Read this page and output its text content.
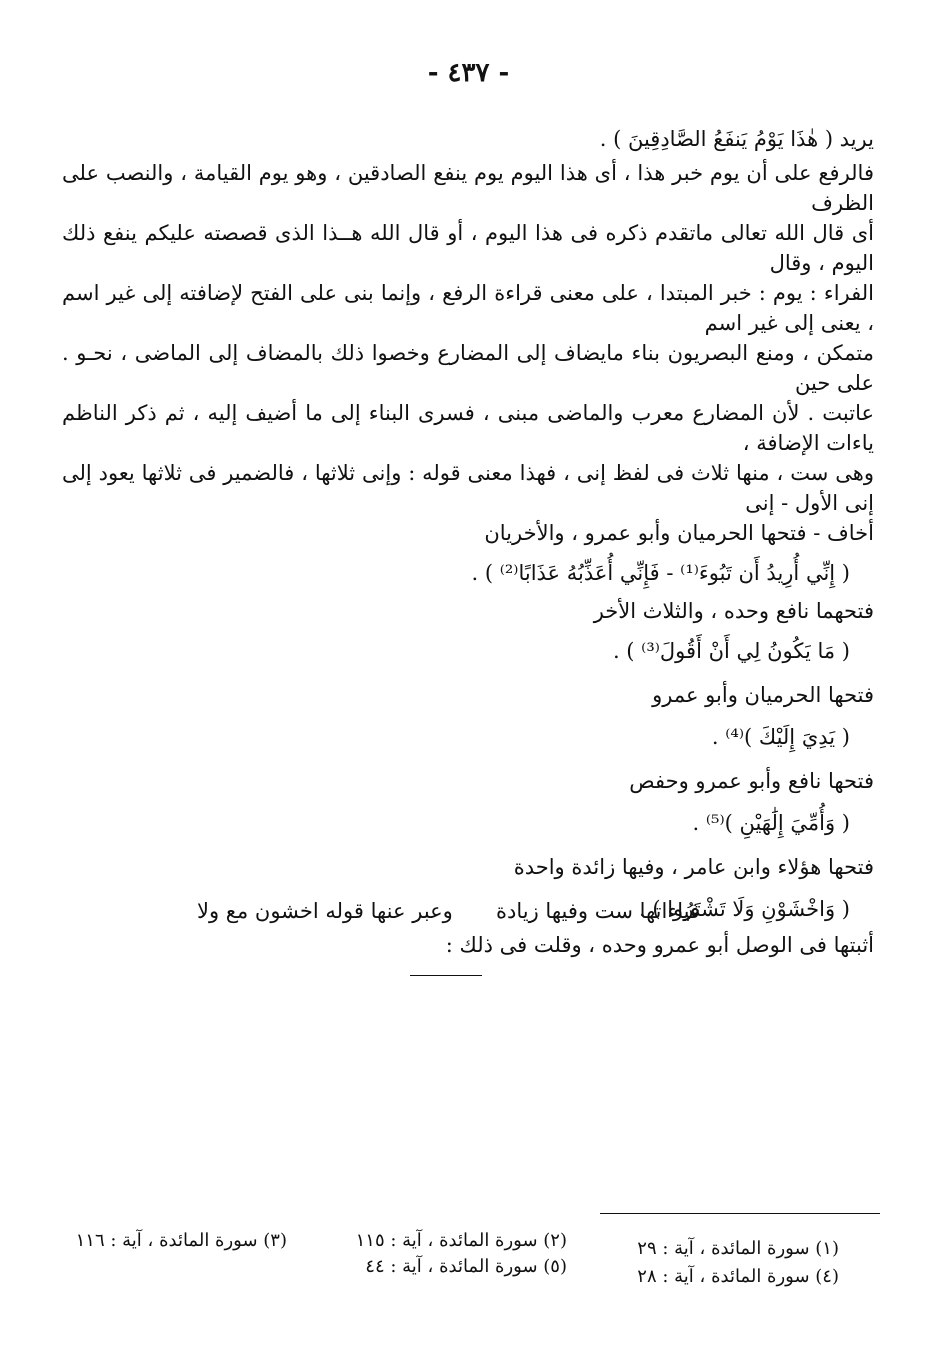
- ٤٣٧ -

يريد ( هٰذَا يَوْمُ يَنفَعُ الصَّادِقِينَ ) .

فالرفع على أن يوم خبر هذا ، أى هذا اليوم يوم ينفع الصادقين ، وهو يوم القيامة ، والنصب على الظرف
أى قال الله تعالى ماتقدم ذكره فى هذا اليوم ، أو قال الله هــذا الذى قصصته عليكم ينفع ذلك اليوم ، وقال
الفراء : يوم : خبر المبتدا ، على معنى قراءة الرفع ، وإنما بنى على الفتح لإضافته إلى غير اسم ، يعنى إلى غير اسم
متمكن ، ومنع البصريون بناء مايضاف إلى المضارع وخصوا ذلك بالمضاف إلى الماضى ، نحـو . على حين
عاتبت . لأن المضارع معرب والماضى مبنى ، فسرى البناء إلى ما أضيف إليه ، ثم ذكر الناظم ياءات الإضافة ،
وهى ست ، منها ثلاث فى لفظ إنى ، فهذا معنى قوله : وإنى ثلاثها ، فالضمير فى ثلاثها يعود إلى إنى الأول - إنى
أخاف - فتحها الحرميان وأبو عمرو ، والأخريان

( إِنِّي أُرِيدُ أَن تَبُوءَ⁽¹⁾ - فَإِنِّي أُعَذِّبُهُ عَذَابًا⁽²⁾ ) .
فتحهما نافع وحده ، والثلاث الأخر
( مَا يَكُونُ لِي أَنْ أَقُولَ⁽³⁾ ) .
فتحها الحرميان وأبو عمرو
( يَدِيَ إِلَيْكَ )⁽⁴⁾ .
فتحها نافع وأبو عمرو وحفص
( وَأُمِّيَ إِلَٰهَيْنِ )⁽⁵⁾ .
فتحها هؤلاء وابن عامر ، وفيها زائدة واحدة
( وَاخْشَوْنِ وَلَا تَشْتَرُوا ) .
أثبتها فى الوصل أبو عمرو وحده ، وقلت فى ذلك :
فياءاتها ست وفيها زيادة
وعبر عنها قوله اخشون مع ولا
(١) سورة المائدة ، آية : ٢٩
(٤) سورة المائدة ، آية : ٢٨
(٢) سورة المائدة ، آية : ١١٥
(٥) سورة المائدة ، آية : ٤٤
(٣) سورة المائدة ، آية : ١١٦
